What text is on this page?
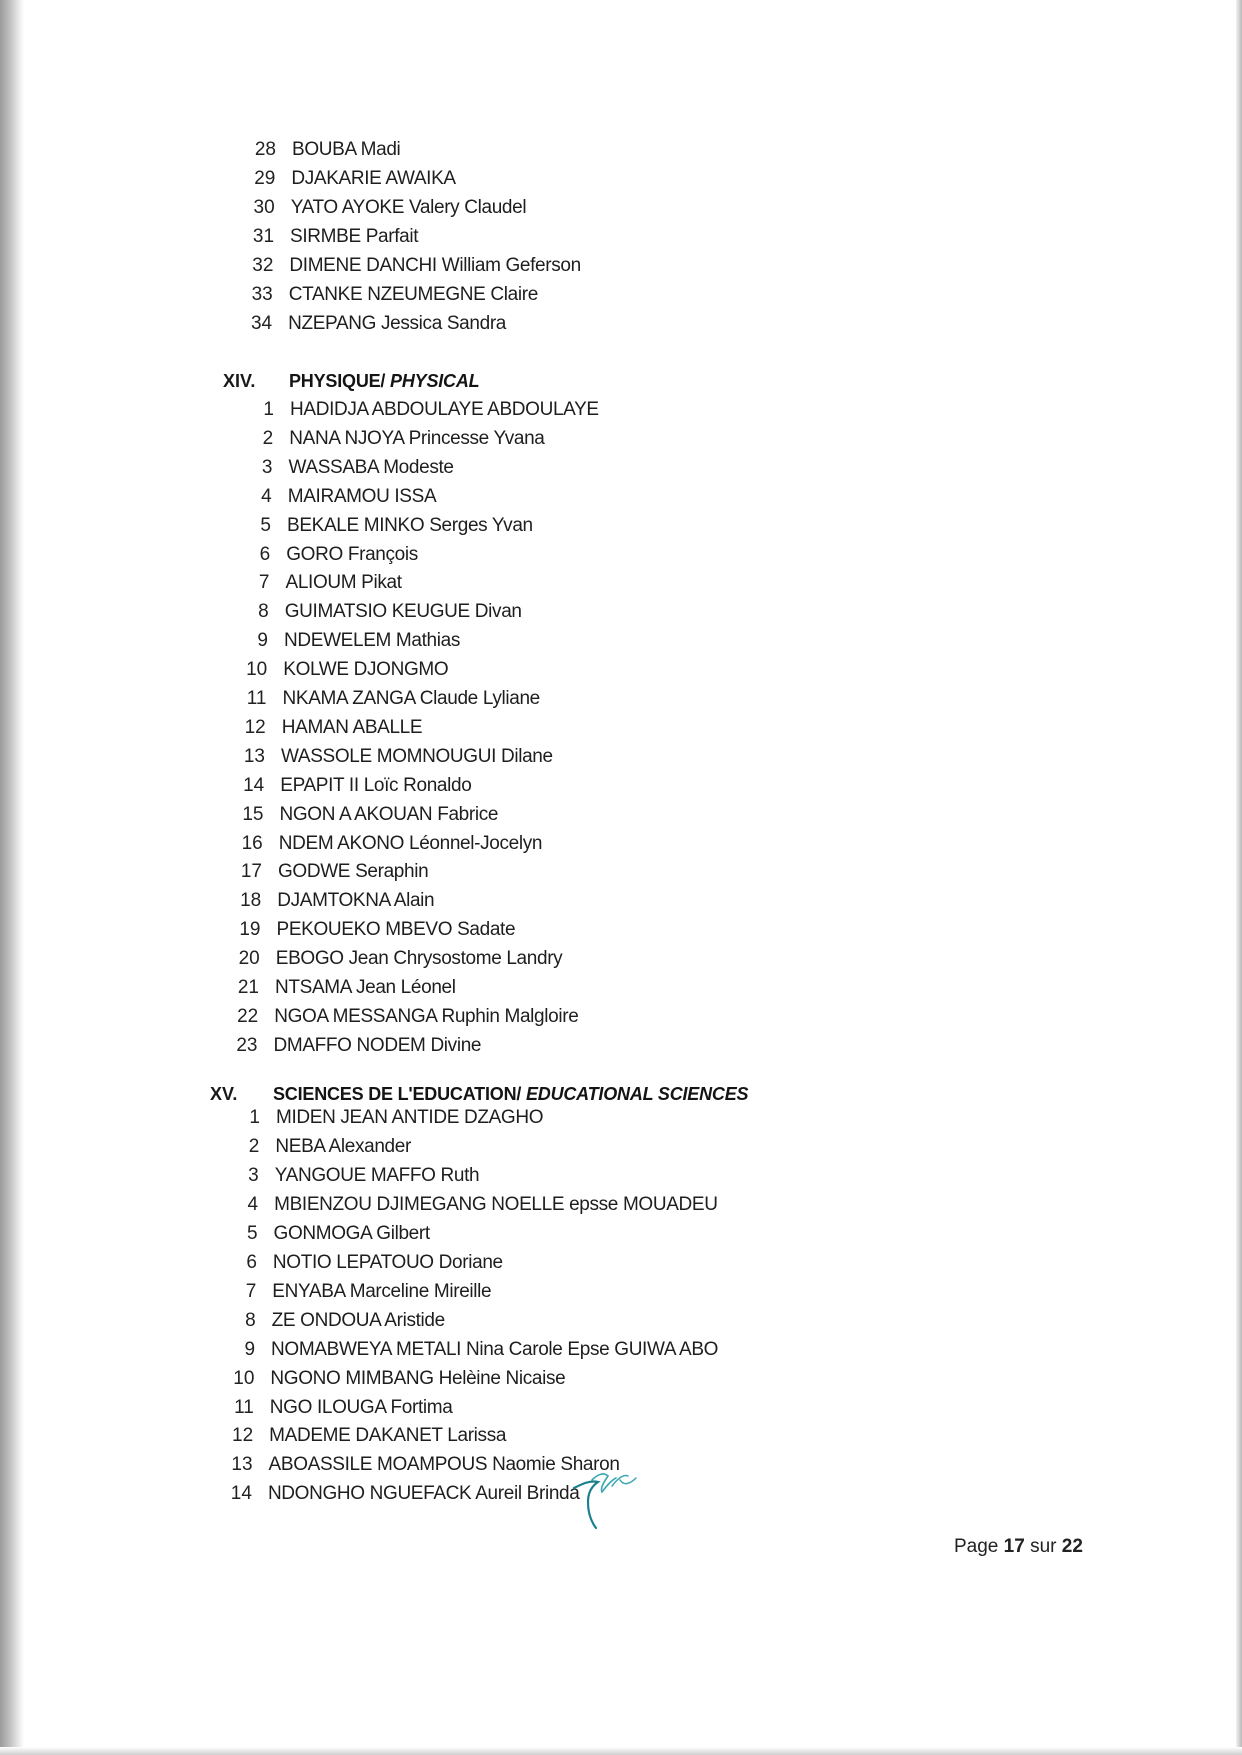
28 BOUBA Madi
29 DJAKARIE AWAIKA
30 YATO AYOKE Valery Claudel
31 SIRMBE Parfait
32 DIMENE DANCHI William Geferson
33 CTANKE NZEUMEGNE Claire
34 NZEPANG Jessica Sandra
XIV.	PHYSIQUE/ PHYSICAL
1 HADIDJA ABDOULAYE ABDOULAYE
2 NANA NJOYA Princesse Yvana
3 WASSABA Modeste
4 MAIRAMOU ISSA
5 BEKALE MINKO Serges Yvan
6 GORO François
7 ALIOUM Pikat
8 GUIMATSIO KEUGUE Divan
9 NDEWELEM Mathias
10 KOLWE DJONGMO
11 NKAMA ZANGA Claude Lyliane
12 HAMAN ABALLE
13 WASSOLE MOMNOUGUI Dilane
14 EPAPIT II Loïc Ronaldo
15 NGON A AKOUAN Fabrice
16 NDEM AKONO Léonnel-Jocelyn
17 GODWE Seraphin
18 DJAMTOKNA Alain
19 PEKOUEKO MBEVO Sadate
20 EBOGO Jean Chrysostome Landry
21 NTSAMA Jean Léonel
22 NGOA MESSANGA Ruphin Malgloire
23 DMAFFO NODEM Divine
XV.	SCIENCES DE L'EDUCATION/ EDUCATIONAL SCIENCES
1 MIDEN JEAN ANTIDE DZAGHO
2 NEBA Alexander
3 YANGOUE MAFFO Ruth
4 MBIENZOU DJIMEGANG NOELLE epsse MOUADEU
5 GONMOGA Gilbert
6 NOTIO LEPATOUO Doriane
7 ENYABA Marceline Mireille
8 ZE ONDOUA Aristide
9 NOMABWEYA METALI Nina Carole Epse GUIWA ABO
10 NGONO MIMBANG Helèine Nicaise
11 NGO ILOUGA Fortima
12 MADEME DAKANET Larissa
13 ABOASSILE MOAMPOUS Naomie Sharon
14 NDONGHO NGUEFACK Aureil Brinda
Page 17 sur 22
